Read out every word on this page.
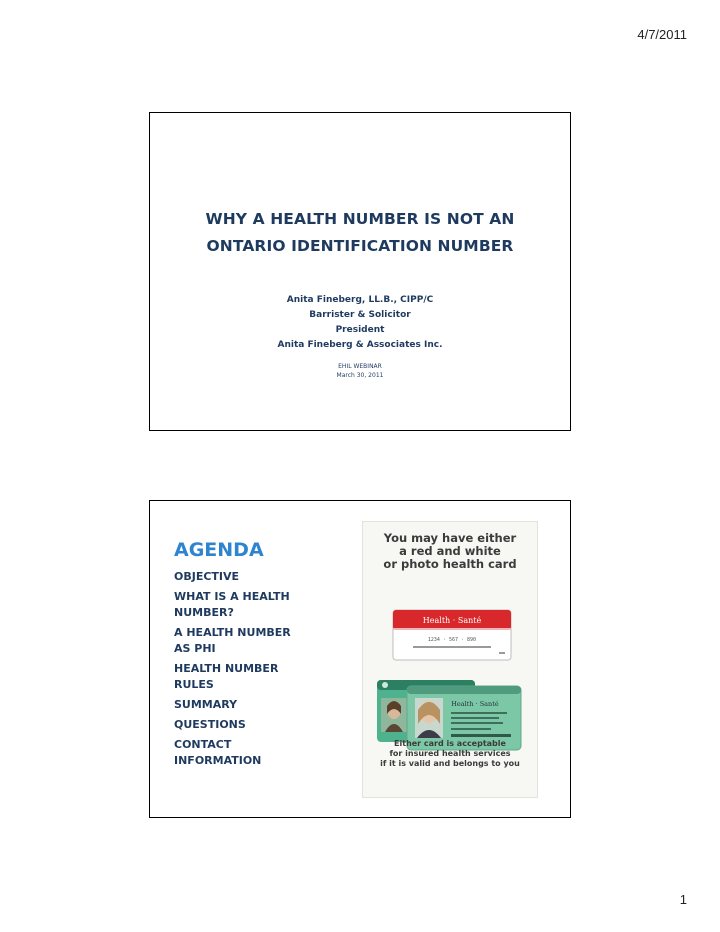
4/7/2011
WHY A HEALTH NUMBER IS NOT AN
ONTARIO IDENTIFICATION NUMBER
Anita Fineberg, LL.B., CIPP/C
Barrister & Solicitor
President
Anita Fineberg & Associates Inc.
EHIL WEBINAR
March 30, 2011
AGENDA
OBJECTIVE
WHAT IS A HEALTH
NUMBER?
A HEALTH NUMBER
AS PHI
HEALTH NUMBER
RULES
SUMMARY
QUESTIONS
CONTACT
INFORMATION
You may have either
a red and white
or photo health card
Health · Santé
1234 · 567 · 890
Health · Santé
Either card is acceptable
for insured health services
if it is valid and belongs to you
1
